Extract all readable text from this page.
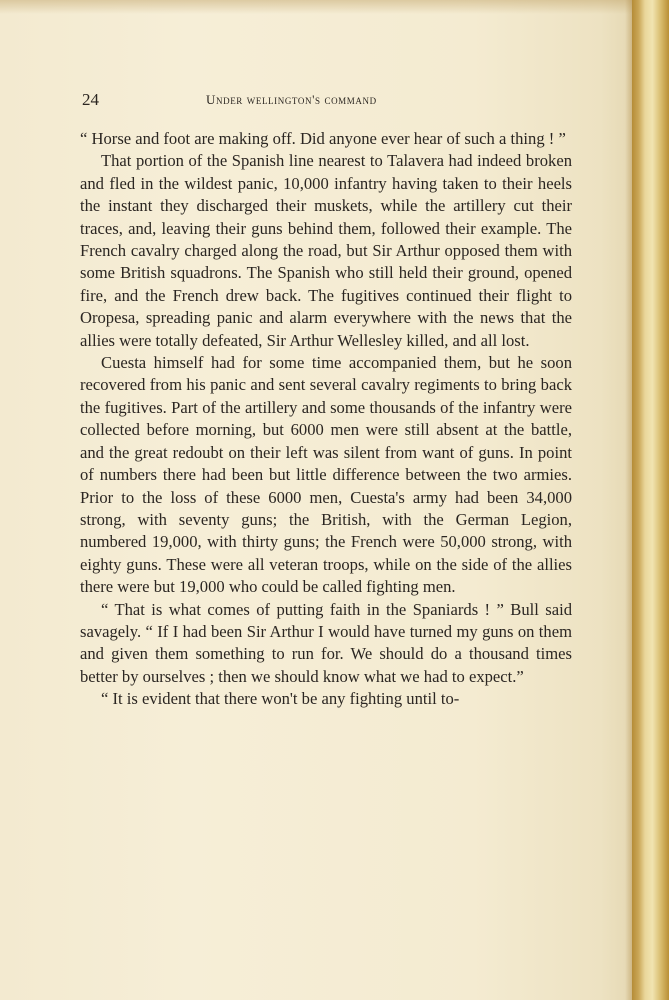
24	under wellington's command

“ Horse and foot are making off. Did anyone ever hear of such a thing ! ”

That portion of the Spanish line nearest to Talavera had indeed broken and fled in the wildest panic, 10,000 infantry having taken to their heels the instant they discharged their muskets, while the artillery cut their traces, and, leaving their guns behind them, followed their example. The French cavalry charged along the road, but Sir Arthur opposed them with some British squadrons. The Spanish who still held their ground, opened fire, and the French drew back. The fugitives continued their flight to Oropesa, spreading panic and alarm everywhere with the news that the allies were totally defeated, Sir Arthur Wellesley killed, and all lost.

Cuesta himself had for some time accompanied them, but he soon recovered from his panic and sent several cavalry regiments to bring back the fugitives. Part of the artillery and some thousands of the infantry were collected before morning, but 6000 men were still absent at the battle, and the great redoubt on their left was silent from want of guns. In point of numbers there had been but little difference between the two armies. Prior to the loss of these 6000 men, Cuesta's army had been 34,000 strong, with seventy guns; the British, with the German Legion, numbered 19,000, with thirty guns; the French were 50,000 strong, with eighty guns. These were all veteran troops, while on the side of the allies there were but 19,000 who could be called fighting men.

“ That is what comes of putting faith in the Spaniards ! ” Bull said savagely. “ If I had been Sir Arthur I would have turned my guns on them and given them something to run for. We should do a thousand times better by ourselves ; then we should know what we had to expect.”

“ It is evident that there won't be any fighting until to-
